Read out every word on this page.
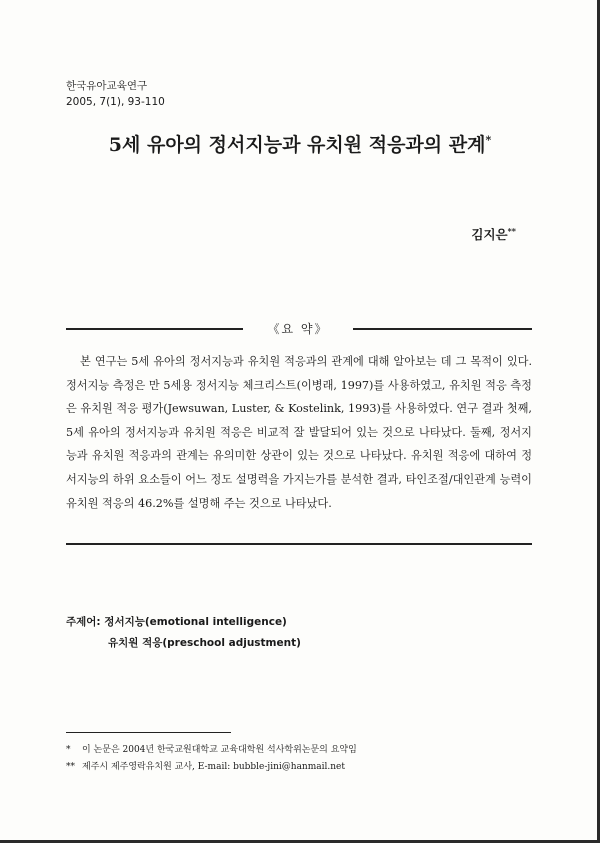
한국유아교육연구
2005, 7(1), 93-110
5세 유아의 정서지능과 유치원 적응과의 관계*
김지은**
《요 약》

본 연구는 5세 유아의 정서지능과 유치원 적응과의 관계에 대해 알아보는 데 그 목적이 있다. 정서지능 측정은 만 5세용 정서지능 체크리스트(이병래, 1997)를 사용하였고, 유치원 적응 측정은 유치원 적응 평가(Jewsuwan, Luster, & Kostelink, 1993)를 사용하였다. 연구 결과 첫째, 5세 유아의 정서지능과 유치원 적응은 비교적 잘 발달되어 있는 것으로 나타났다. 둘째, 정서지능과 유치원 적응과의 관계는 유의미한 상관이 있는 것으로 나타났다. 유치원 적응에 대하여 정서지능의 하위 요소들이 어느 정도 설명력을 가지는가를 분석한 결과, 타인조절/대인관계 능력이 유치원 적응의 46.2%를 설명해 주는 것으로 나타났다.

주제어: 정서지능(emotional intelligence)
유치원 적응(preschool adjustment)
* 이 논문은 2004년 한국교원대학교 교육대학원 석사학위논문의 요약임
** 제주시 제주영락유치원 교사, E-mail: bubble-jini@hanmail.net
